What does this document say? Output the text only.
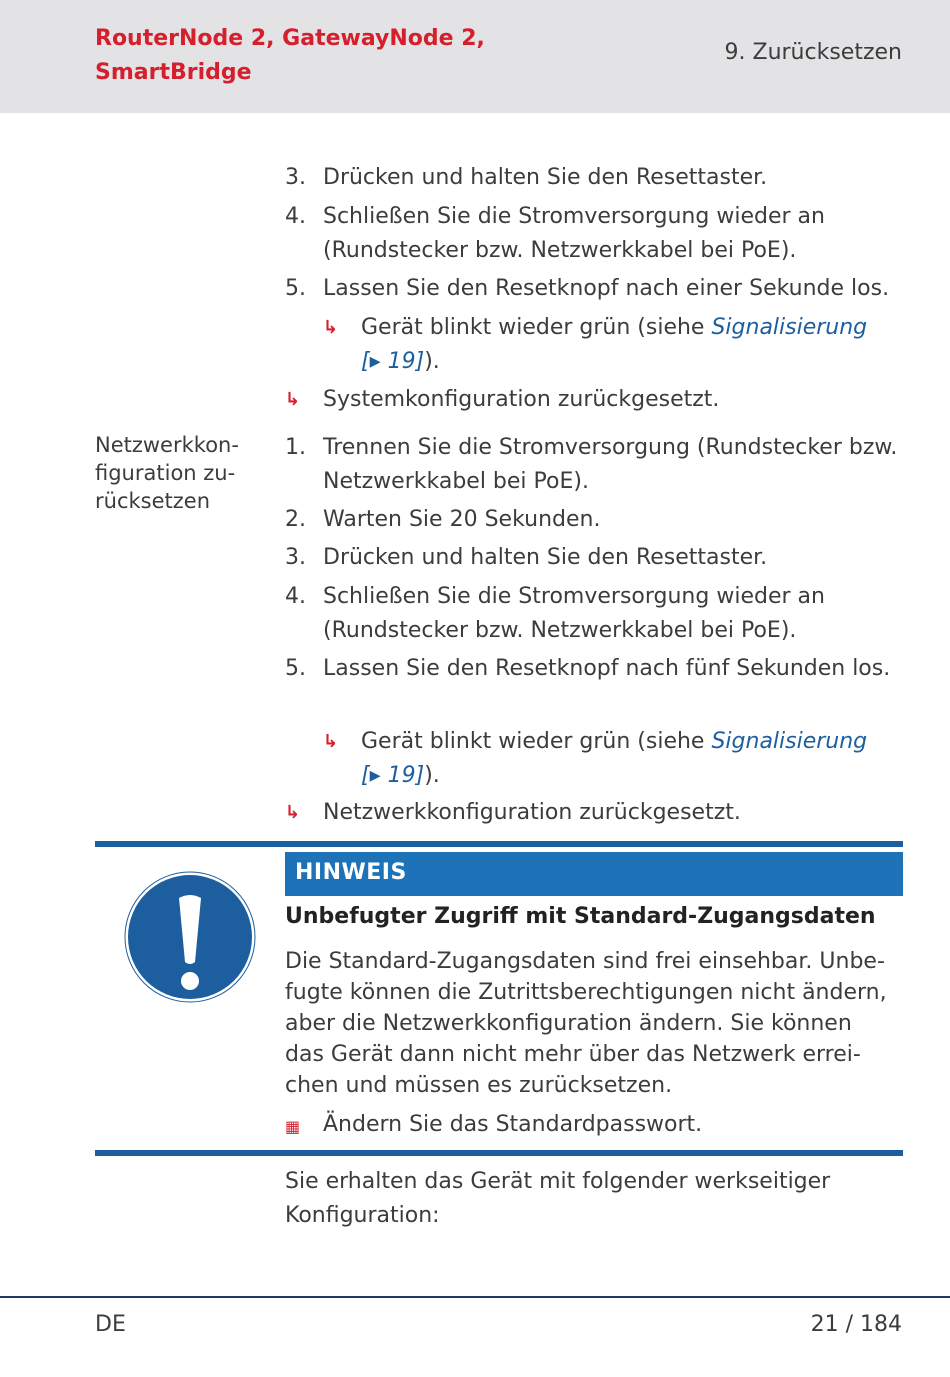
RouterNode 2, GatewayNode 2, SmartBridge
9. Zurücksetzen
3. Drücken und halten Sie den Resettaster.
4. Schließen Sie die Stromversorgung wieder an (Rundstecker bzw. Netzwerkkabel bei PoE).
5. Lassen Sie den Resetknopf nach einer Sekunde los.
↳	Gerät blinkt wieder grün (siehe Signalisierung
[▸ 19]).
↳	Systemkonfiguration zurückgesetzt.
Netzwerkkon-
figuration zu-
rücksetzen
1. Trennen Sie die Stromversorgung (Rundstecker bzw. Netzwerkkabel bei PoE).
2. Warten Sie 20 Sekunden.
3. Drücken und halten Sie den Resettaster.
4. Schließen Sie die Stromversorgung wieder an (Rundstecker bzw. Netzwerkkabel bei PoE).
5. Lassen Sie den Resetknopf nach fünf Sekunden los.
↳	Gerät blinkt wieder grün (siehe Signalisierung
[▸ 19]).
↳	Netzwerkkonfiguration zurückgesetzt.
HINWEIS
Unbefugter Zugriff mit Standard-Zugangsdaten
Die Standard-Zugangsdaten sind frei einsehbar. Unbe-
fugte können die Zutrittsberechtigungen nicht ändern,
aber die Netzwerkkonfiguration ändern. Sie können
das Gerät dann nicht mehr über das Netzwerk errei-
chen und müssen es zurücksetzen.
▦	Ändern Sie das Standardpasswort.
Sie erhalten das Gerät mit folgender werkseitiger Konfiguration:
DE	21 / 184
